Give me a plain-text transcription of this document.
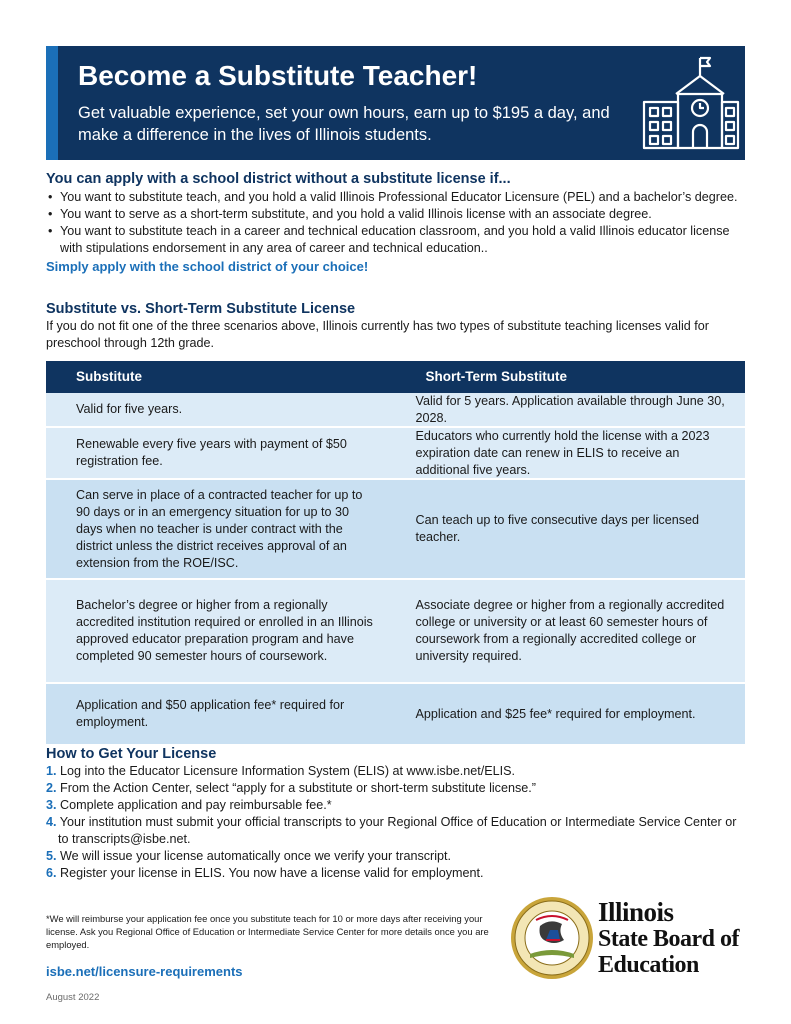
Become a Substitute Teacher!

Get valuable experience, set your own hours, earn up to $195 a day, and make a difference in the lives of Illinois students.

You can apply with a school district without a substitute license if...
• You want to substitute teach, and you hold a valid Illinois Professional Educator Licensure (PEL) and a bachelor’s degree.
• You want to serve as a short-term substitute, and you hold a valid Illinois license with an associate degree.
• You want to substitute teach in a career and technical education classroom, and you hold a valid Illinois educator license with stipulations endorsement in any area of career and technical education..
Simply apply with the school district of your choice!
Substitute vs. Short-Term Substitute License

If you do not fit one of the three scenarios above, Illinois currently has two types of substitute teaching licenses valid for preschool through 12th grade.

Substitute	Short-Term Substitute
Valid for five years.
Valid for 5 years. Application available through June 30, 2028.
Renewable every five years with payment of $50 registration fee.
Educators who currently hold the license with a 2023 expiration date can renew in ELIS to receive an additional five years.
Can serve in place of a contracted teacher for up to 90 days or in an emergency situation for up to 30 days when no teacher is under contract with the district unless the district receives approval of an extension from the ROE/ISC.
Can teach up to five consecutive days per licensed teacher.
Bachelor’s degree or higher from a regionally accredited institution required or enrolled in an Illinois approved educator preparation program and have completed 90 semester hours of coursework.
Associate degree or higher from a regionally accredited college or university or at least 60 semester hours of coursework from a regionally accredited college or university required.
Application and $50 application fee* required for employment.
Application and $25 fee* required for employment.
How to Get Your License
1. Log into the Educator Licensure Information System (ELIS) at www.isbe.net/ELIS.
2. From the Action Center, select “apply for a substitute or short-term substitute license.”
3. Complete application and pay reimbursable fee.*
4. Your institution must submit your official transcripts to your Regional Office of Education or Intermediate Service Center or to transcripts@isbe.net.
5. We will issue your license automatically once we verify your transcript.
6. Register your license in ELIS. You now have a license valid for employment.
*We will reimburse your application fee once you substitute teach for 10 or more days after receiving your license. Ask you Regional Office of Education or Intermediate Service Center for more details once you are employed.
isbe.net/licensure-requirements
August 2022
Illinois
State Board of
Education
